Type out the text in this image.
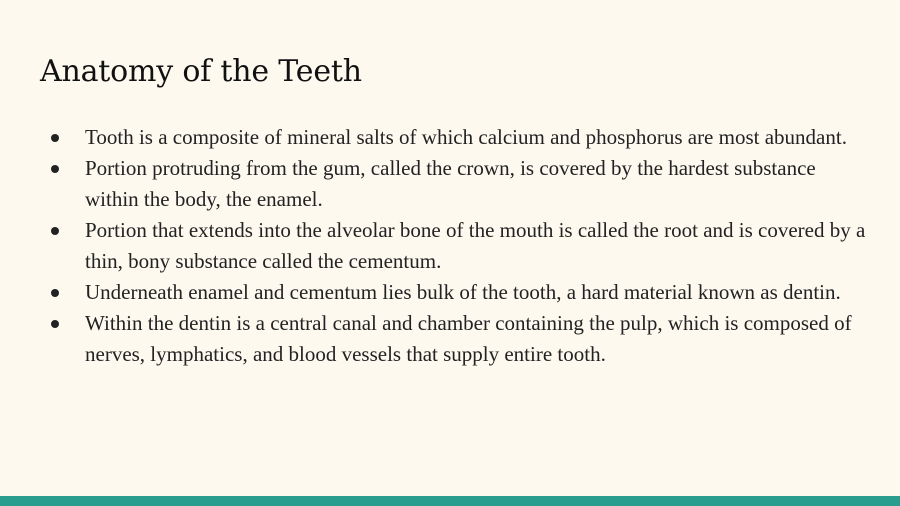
Anatomy of the Teeth
Tooth is a composite of mineral salts of which calcium and phosphorus are most abundant.
Portion protruding from the gum, called the crown, is covered by the hardest substance within the body, the enamel.
Portion that extends into the alveolar bone of the mouth is called the root and is covered by a thin, bony substance called the cementum.
Underneath enamel and cementum lies bulk of the tooth, a hard material known as dentin.
Within the dentin is a central canal and chamber containing the pulp, which is composed of nerves, lymphatics, and blood vessels that supply entire tooth.
